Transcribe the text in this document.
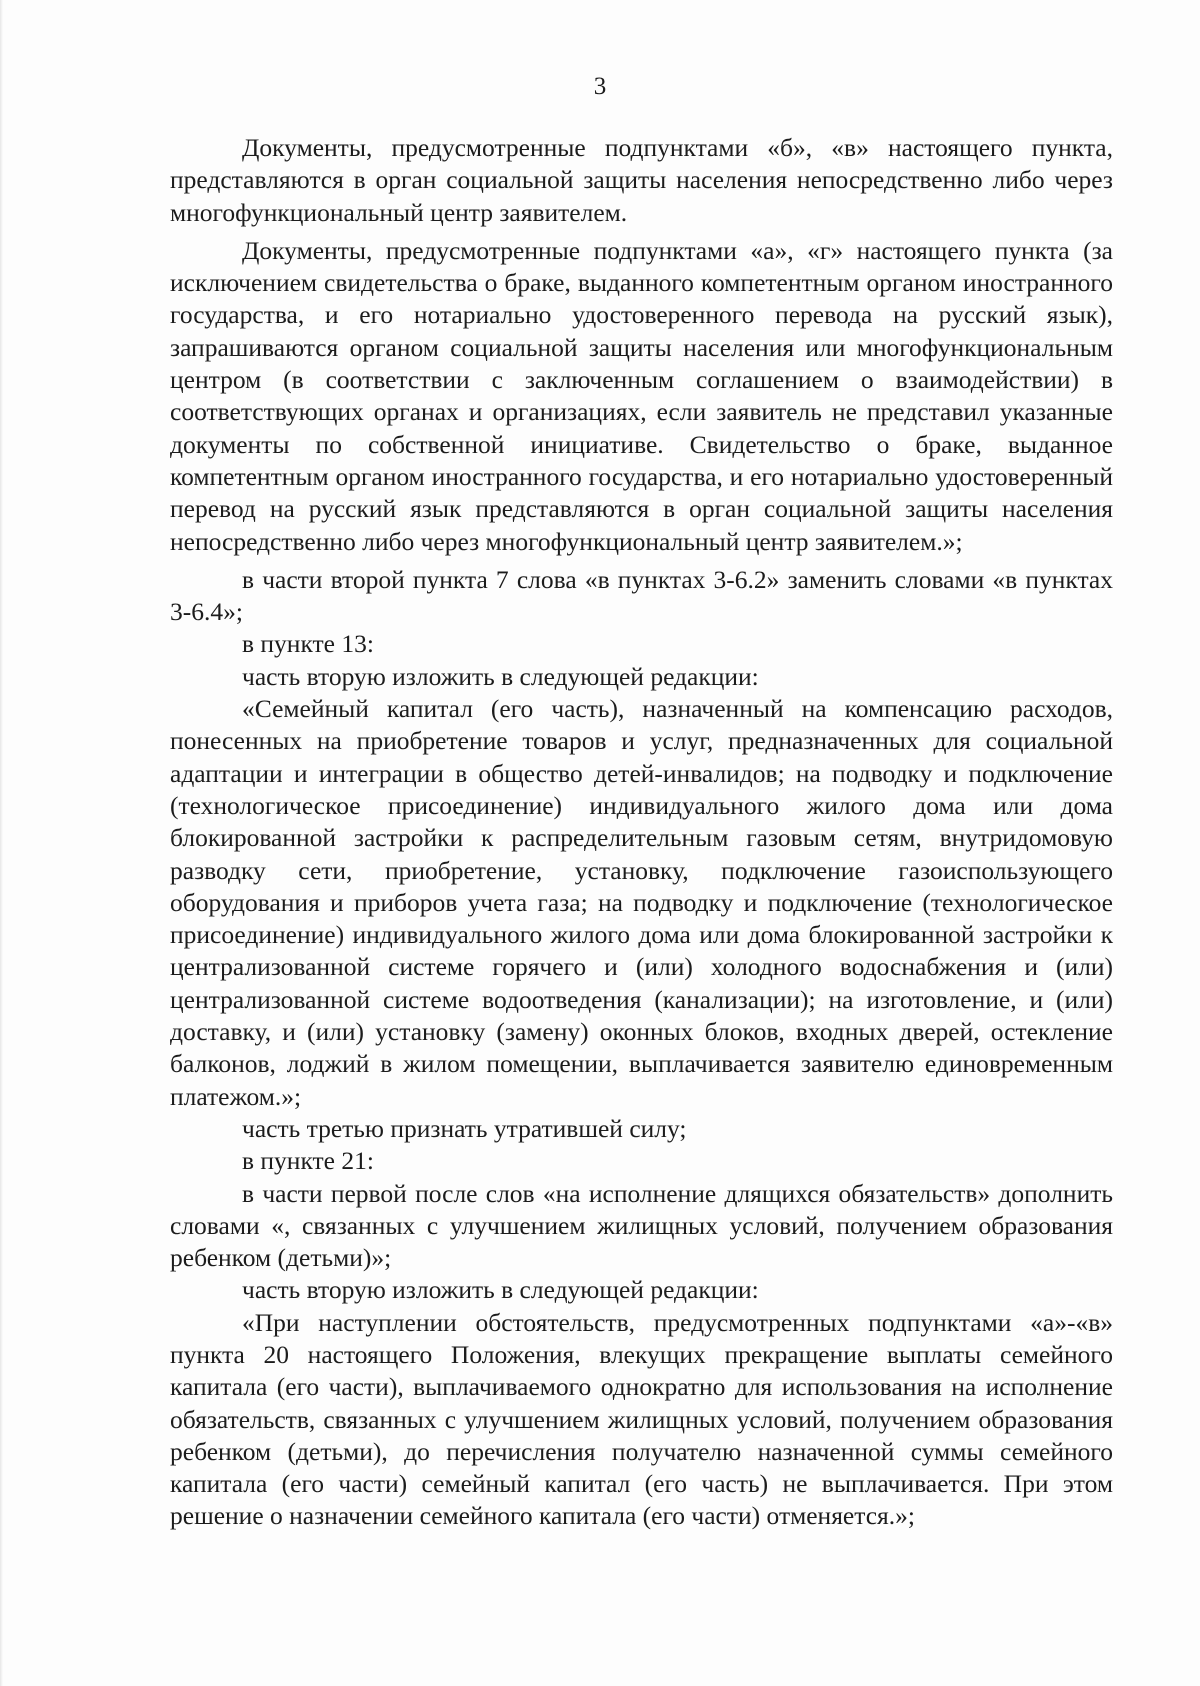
3

Документы, предусмотренные подпунктами «б», «в» настоящего пункта, представляются в орган социальной защиты населения непосредственно либо через многофункциональный центр заявителем.

Документы, предусмотренные подпунктами «а», «г» настоящего пункта (за исключением свидетельства о браке, выданного компетентным органом иностранного государства, и его нотариально удостоверенного перевода на русский язык), запрашиваются органом социальной защиты населения или многофункциональным центром (в соответствии с заключенным соглашением о взаимодействии) в соответствующих органах и организациях, если заявитель не представил указанные документы по собственной инициативе. Свидетельство о браке, выданное компетентным органом иностранного государства, и его нотариально удостоверенный перевод на русский язык представляются в орган социальной защиты населения непосредственно либо через многофункциональный центр заявителем.»;

в части второй пункта 7 слова «в пунктах 3-6.2» заменить словами «в пунктах 3-6.4»;

в пункте 13:

часть вторую изложить в следующей редакции:

«Семейный капитал (его часть), назначенный на компенсацию расходов, понесенных на приобретение товаров и услуг, предназначенных для социальной адаптации и интеграции в общество детей-инвалидов; на подводку и подключение (технологическое присоединение) индивидуального жилого дома или дома блокированной застройки к распределительным газовым сетям, внутридомовую разводку сети, приобретение, установку, подключение газоиспользующего оборудования и приборов учета газа; на подводку и подключение (технологическое присоединение) индивидуального жилого дома или дома блокированной застройки к централизованной системе горячего и (или) холодного водоснабжения и (или) централизованной системе водоотведения (канализации); на изготовление, и (или) доставку, и (или) установку (замену) оконных блоков, входных дверей, остекление балконов, лоджий в жилом помещении, выплачивается заявителю единовременным платежом.»;

часть третью признать утратившей силу;

в пункте 21:

в части первой после слов «на исполнение длящихся обязательств» дополнить словами «, связанных с улучшением жилищных условий, получением образования ребенком (детьми)»;

часть вторую изложить в следующей редакции:

«При наступлении обстоятельств, предусмотренных подпунктами «а»-«в» пункта 20 настоящего Положения, влекущих прекращение выплаты семейного капитала (его части), выплачиваемого однократно для использования на исполнение обязательств, связанных с улучшением жилищных условий, получением образования ребенком (детьми), до перечисления получателю назначенной суммы семейного капитала (его части) семейный капитал (его часть) не выплачивается. При этом решение о назначении семейного капитала (его части) отменяется.»;
